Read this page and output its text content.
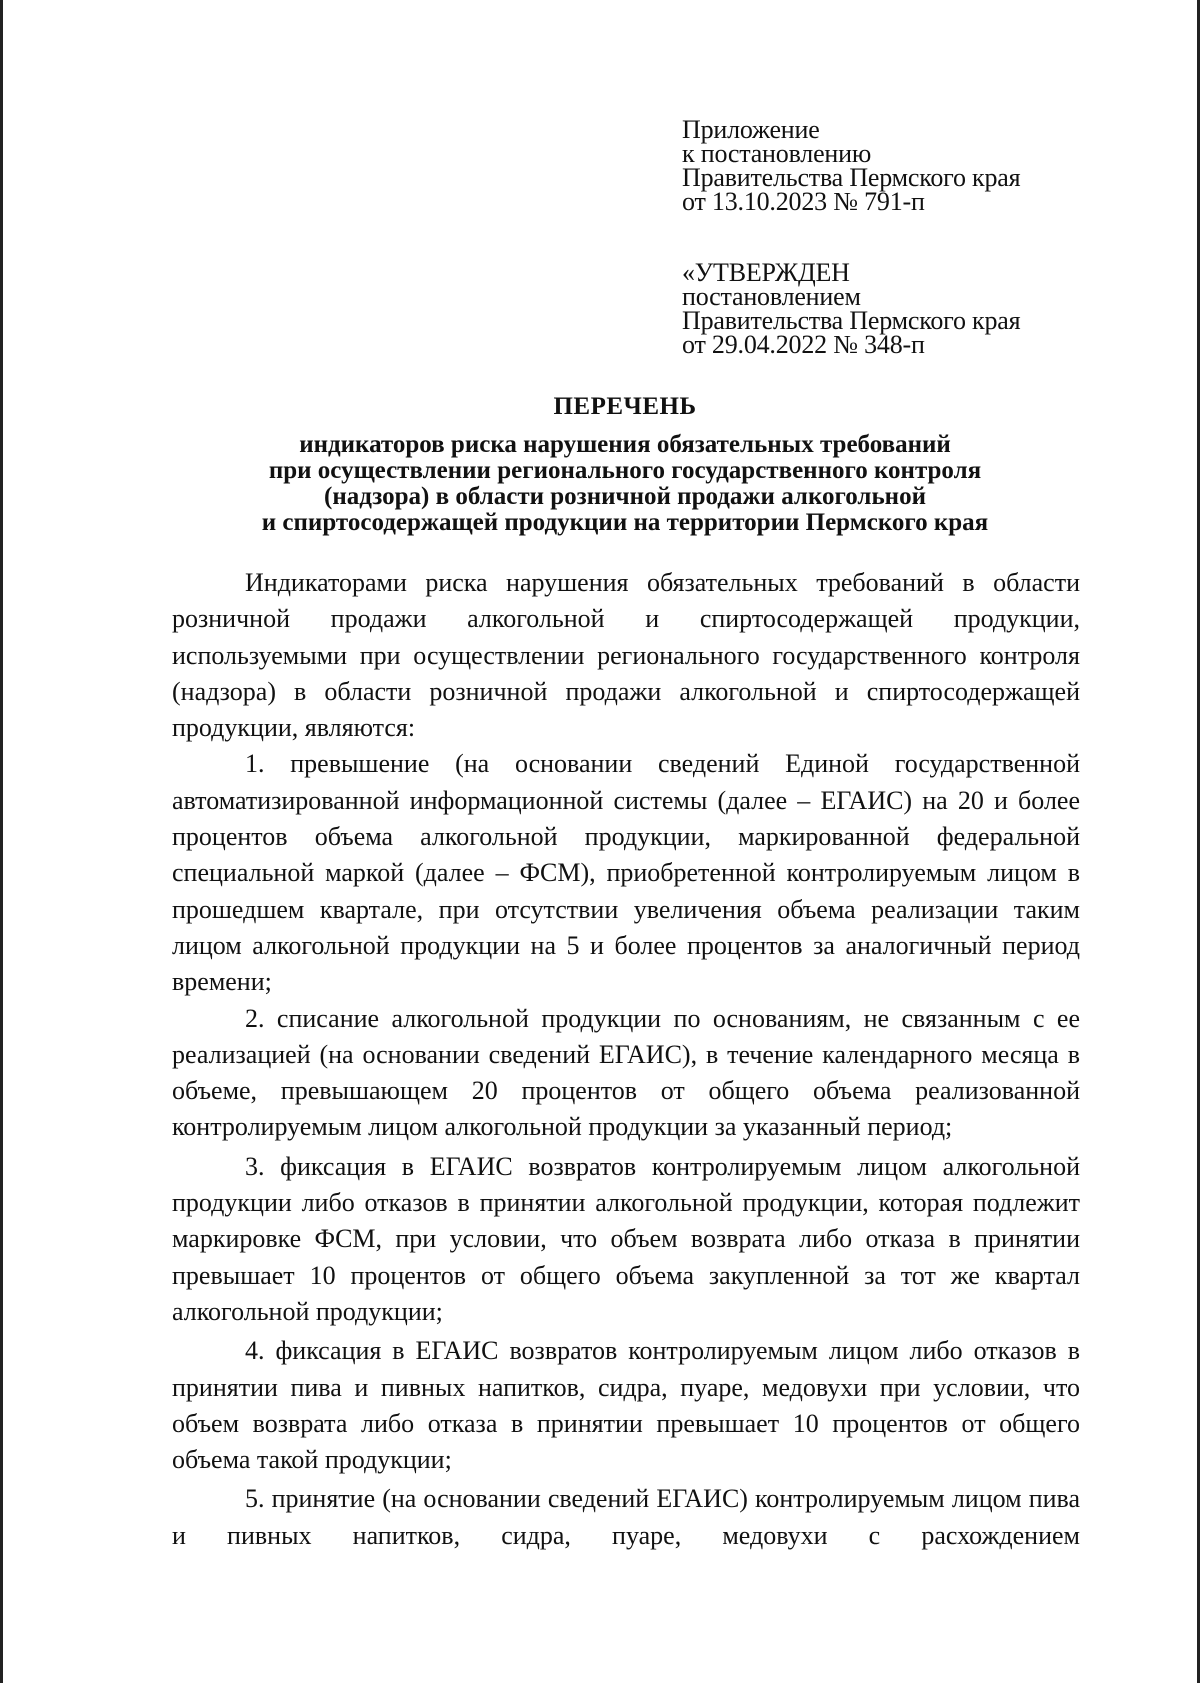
Приложение
к постановлению
Правительства Пермского края
от 13.10.2023 № 791-п
«УТВЕРЖДЕН
постановлением
Правительства Пермского края
от 29.04.2022 № 348-п
ПЕРЕЧЕНЬ
индикаторов риска нарушения обязательных требований
при осуществлении регионального государственного контроля
(надзора) в области розничной продажи алкогольной
и спиртосодержащей продукции на территории Пермского края

Индикаторами риска нарушения обязательных требований в области розничной продажи алкогольной и спиртосодержащей продукции, используемыми при осуществлении регионального государственного контроля (надзора) в области розничной продажи алкогольной и спиртосодержащей продукции, являются:

1. превышение (на основании сведений Единой государственной автоматизированной информационной системы (далее – ЕГАИС) на 20 и более процентов объема алкогольной продукции, маркированной федеральной специальной маркой (далее – ФСМ), приобретенной контролируемым лицом в прошедшем квартале, при отсутствии увеличения объема реализации таким лицом алкогольной продукции на 5 и более процентов за аналогичный период времени;

2. списание алкогольной продукции по основаниям, не связанным с ее реализацией (на основании сведений ЕГАИС), в течение календарного месяца в объеме, превышающем 20 процентов от общего объема реализованной контролируемым лицом алкогольной продукции за указанный период;

3. фиксация в ЕГАИС возвратов контролируемым лицом алкогольной продукции либо отказов в принятии алкогольной продукции, которая подлежит маркировке ФСМ, при условии, что объем возврата либо отказа в принятии превышает 10 процентов от общего объема закупленной за тот же квартал алкогольной продукции;

4. фиксация в ЕГАИС возвратов контролируемым лицом либо отказов в принятии пива и пивных напитков, сидра, пуаре, медовухи при условии, что объем возврата либо отказа в принятии превышает 10 процентов от общего объема такой продукции;

5. принятие (на основании сведений ЕГАИС) контролируемым лицом пива и пивных напитков, сидра, пуаре, медовухи с расхождением
